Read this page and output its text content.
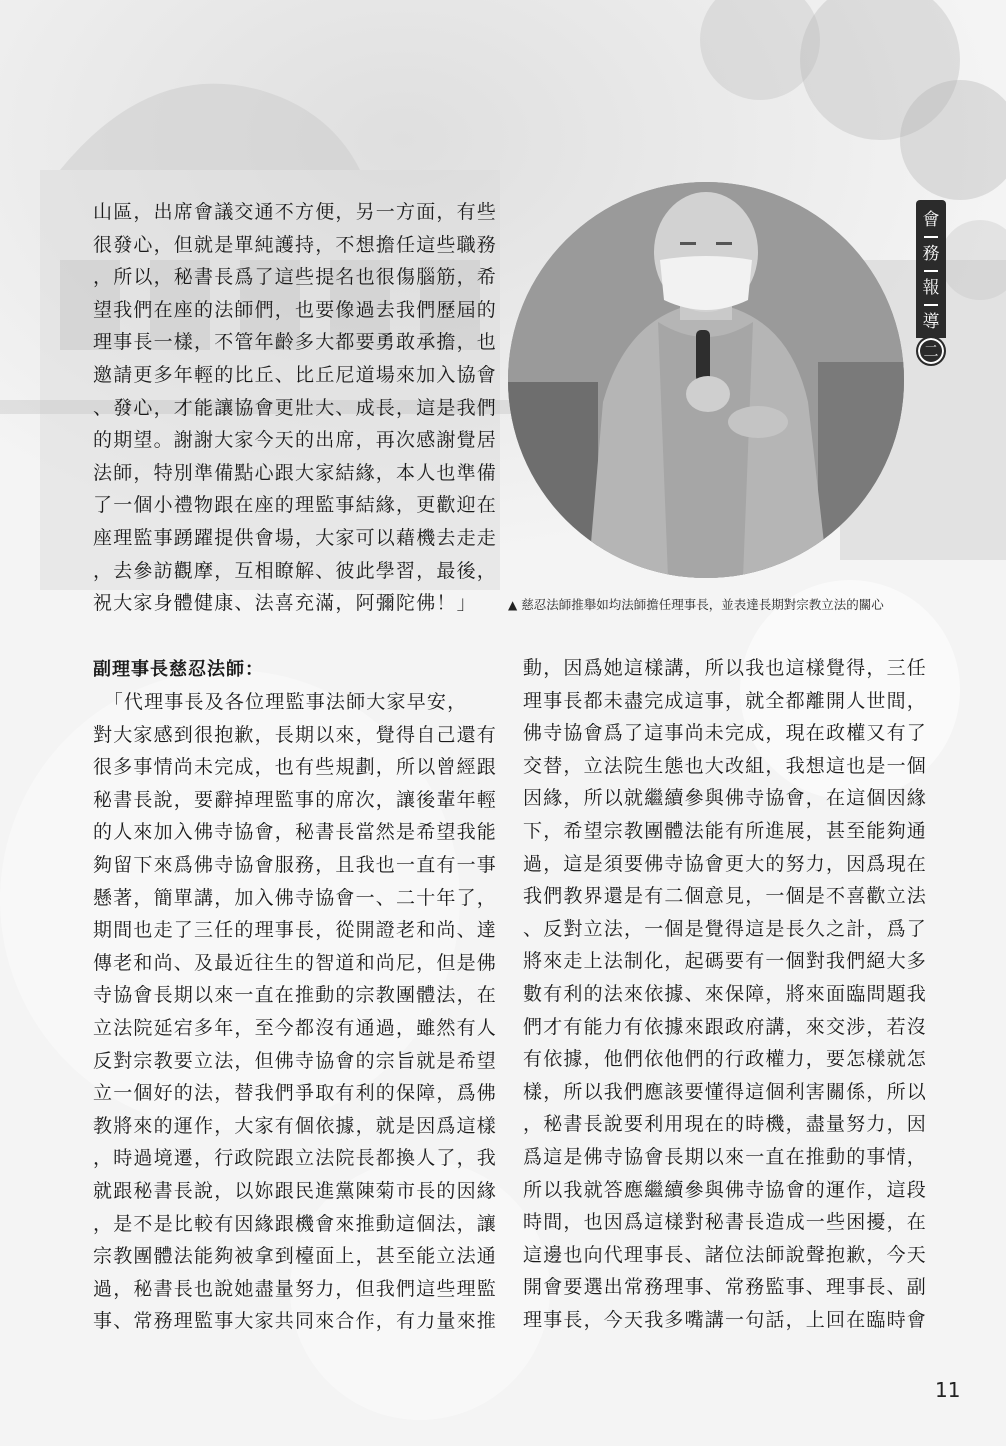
山區，出席會議交通不方便，另一方面，有些
很發心，但就是單純護持，不想擔任這些職務
，所以，秘書長爲了這些提名也很傷腦筋，希
望我們在座的法師們，也要像過去我們歷屆的
理事長一樣，不管年齡多大都要勇敢承擔，也
邀請更多年輕的比丘、比丘尼道場來加入協會
、發心，才能讓協會更壯大、成長，這是我們
的期望。謝謝大家今天的出席，再次感謝覺居
法師，特別準備點心跟大家結緣，本人也準備
了一個小禮物跟在座的理監事結緣，更歡迎在
座理監事踴躍提供會場，大家可以藉機去走走
，去參訪觀摩，互相瞭解、彼此學習，最後，
祝大家身體健康、法喜充滿，阿彌陀佛！」	▲ 慈忍法師推舉如均法師擔任理事長，並表達長期對宗教立法的關心
會
務
報
導
二
副理事長慈忍法師：
　「代理事長及各位理監事法師大家早安，
對大家感到很抱歉，長期以來，覺得自己還有
很多事情尚未完成，也有些規劃，所以曾經跟
秘書長說，要辭掉理監事的席次，讓後輩年輕
的人來加入佛寺協會，秘書長當然是希望我能
夠留下來爲佛寺協會服務，且我也一直有一事
懸著，簡單講，加入佛寺協會一、二十年了，
期間也走了三任的理事長，從開證老和尚、達
傳老和尚、及最近往生的智道和尚尼，但是佛
寺協會長期以來一直在推動的宗教團體法，在
立法院延宕多年，至今都沒有通過，雖然有人
反對宗教要立法，但佛寺協會的宗旨就是希望
立一個好的法，替我們爭取有利的保障，爲佛
教將來的運作，大家有個依據，就是因爲這樣
，時過境遷，行政院跟立法院長都換人了，我
就跟秘書長說，以妳跟民進黨陳菊市長的因緣
，是不是比較有因緣跟機會來推動這個法，讓
宗教團體法能夠被拿到檯面上，甚至能立法通
過，秘書長也說她盡量努力，但我們這些理監
事、常務理監事大家共同來合作，有力量來推
動，因爲她這樣講，所以我也這樣覺得，三任
理事長都未盡完成這事，就全都離開人世間，
佛寺協會爲了這事尚未完成，現在政權又有了
交替，立法院生態也大改組，我想這也是一個
因緣，所以就繼續參與佛寺協會，在這個因緣
下，希望宗教團體法能有所進展，甚至能夠通
過，這是須要佛寺協會更大的努力，因爲現在
我們教界還是有二個意見，一個是不喜歡立法
、反對立法，一個是覺得這是長久之計，爲了
將來走上法制化，起碼要有一個對我們絕大多
數有利的法來依據、來保障，將來面臨問題我
們才有能力有依據來跟政府講，來交涉，若沒
有依據，他們依他們的行政權力，要怎樣就怎
樣，所以我們應該要懂得這個利害關係，所以
，秘書長說要利用現在的時機，盡量努力，因
爲這是佛寺協會長期以來一直在推動的事情，
所以我就答應繼續參與佛寺協會的運作，這段
時間，也因爲這樣對秘書長造成一些困擾，在
這邊也向代理事長、諸位法師說聲抱歉，今天
開會要選出常務理事、常務監事、理事長、副
理事長，今天我多嘴講一句話，上回在臨時會
11
